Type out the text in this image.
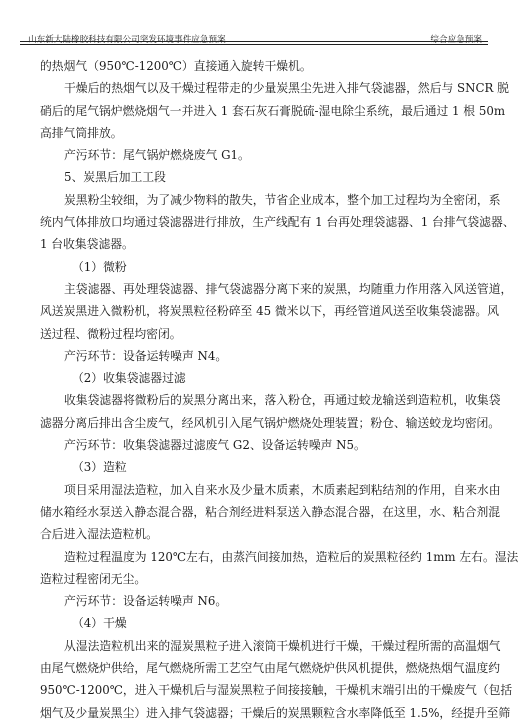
山东新大陆橡胶科技有限公司突发环境事件应急预案	综合应急预案
的热烟气（950℃-1200℃）直接通入旋转干燥机。
干燥后的热烟气以及干燥过程带走的少量炭黑尘先进入排气袋滤器，然后与 SNCR 脱
硝后的尾气锅炉燃烧烟气一并进入 1 套石灰石膏脱硫-湿电除尘系统，最后通过 1 根 50m
高排气筒排放。
产污环节：尾气锅炉燃烧废气 G1。
5、炭黑后加工工段
炭黑粉尘较细，为了减少物料的散失，节省企业成本，整个加工过程均为全密闭，系
统内气体排放口均通过袋滤器进行排放，生产线配有 1 台再处理袋滤器、1 台排气袋滤器、
1 台收集袋滤器。
（1）微粉
主袋滤器、再处理袋滤器、排气袋滤器分离下来的炭黑，均随重力作用落入风送管道，
风送炭黑进入微粉机，将炭黑粒径粉碎至 45 微米以下，再经管道风送至收集袋滤器。风
送过程、微粉过程均密闭。
产污环节：设备运转噪声 N4。
（2）收集袋滤器过滤
收集袋滤器将微粉后的炭黑分离出来，落入粉仓，再通过蛟龙输送到造粒机，收集袋
滤器分离后排出含尘废气，经风机引入尾气锅炉燃烧处理装置；粉仓、输送蛟龙均密闭。
产污环节：收集袋滤器过滤废气 G2、设备运转噪声 N5。
（3）造粒
项目采用湿法造粒，加入自来水及少量木质素，木质素起到粘结剂的作用，自来水由
储水箱经水泵送入静态混合器，粘合剂经进料泵送入静态混合器，在这里，水、粘合剂混
合后进入湿法造粒机。
造粒过程温度为 120℃左右，由蒸汽间接加热，造粒后的炭黑粒径约 1mm 左右。湿法
造粒过程密闭无尘。
产污环节：设备运转噪声 N6。
（4）干燥
从湿法造粒机出来的湿炭黑粒子进入滚筒干燥机进行干燥，干燥过程所需的高温烟气
由尾气燃烧炉供给，尾气燃烧所需工艺空气由尾气燃烧炉供风机提供，燃烧热烟气温度约
950℃-1200℃，进入干燥机后与湿炭黑粒子间接接触，干燥机末端引出的干燥废气（包括
烟气及少量炭黑尘）进入排气袋滤器；干燥后的炭黑颗粒含水率降低至 1.5%，经提升至筛
